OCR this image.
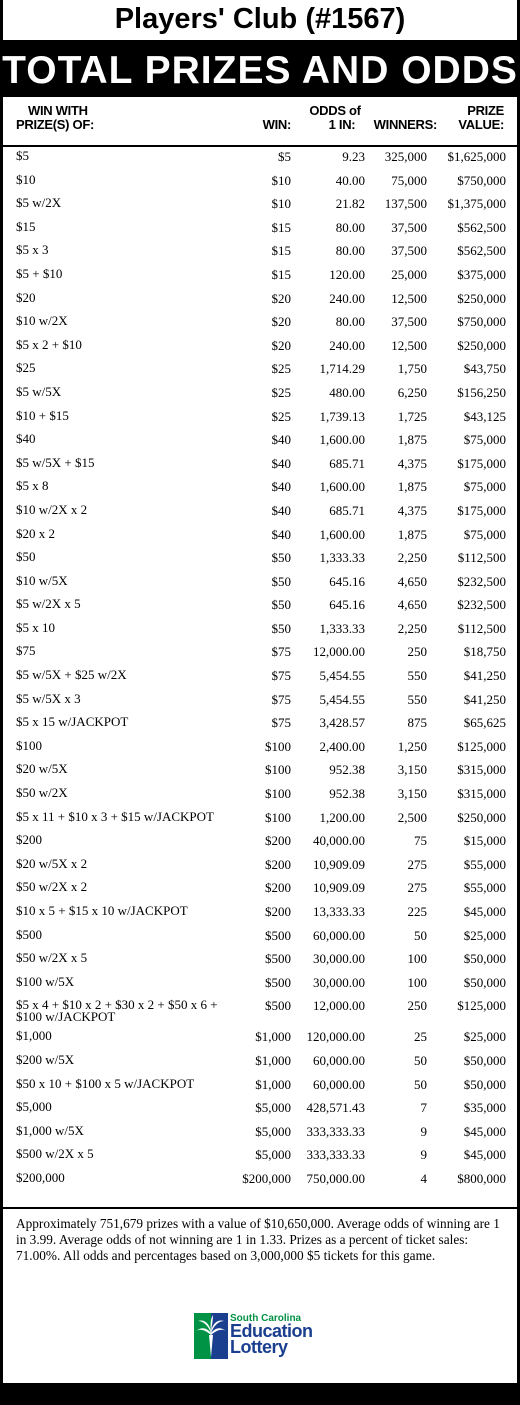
Players' Club (#1567)
TOTAL PRIZES AND ODDS
WIN WITH
PRIZE(S) OF:	WIN:
ODDS of
1 IN:	WINNERS:
PRIZE
VALUE:
$5	$5	9.23 325,000 $1,625,000
$10	$10	40.00 75,000 $750,000
$5 w/2X	$10	21.82 137,500 $1,375,000
$15	$15	80.00 37,500 $562,500
$5 x 3	$15	80.00 37,500 $562,500
$5 + $10	$15	120.00 25,000 $375,000
$20	$20	240.00 12,500 $250,000
$10 w/2X	$20	80.00 37,500 $750,000
$5 x 2 + $10	$20	240.00 12,500 $250,000
$25	$25 1,714.29	1,750	$43,750
$5 w/5X	$25	480.00	6,250 $156,250
$10 + $15	$25 1,739.13	1,725	$43,125
$40	$40 1,600.00	1,875	$75,000
$5 w/5X + $15	$40	685.71	4,375 $175,000
$5 x 8	$40 1,600.00	1,875	$75,000
$10 w/2X x 2	$40	685.71	4,375 $175,000
$20 x 2	$40 1,600.00	1,875	$75,000
$50	$50 1,333.33	2,250 $112,500
$10 w/5X	$50	645.16	4,650 $232,500
$5 w/2X x 5	$50	645.16	4,650 $232,500
$5 x 10	$50 1,333.33	2,250 $112,500
$75	$75 12,000.00	250	$18,750
$5 w/5X + $25 w/2X	$75 5,454.55	550	$41,250
$5 w/5X x 3	$75 5,454.55	550	$41,250
$5 x 15 w/JACKPOT	$75 3,428.57	875	$65,625
$100	$100 2,400.00	1,250 $125,000
$20 w/5X	$100	952.38	3,150 $315,000
$50 w/2X	$100	952.38	3,150 $315,000
$5 x 11 + $10 x 3 + $15 w/JACKPOT	$100 1,200.00	2,500 $250,000
$200	$200 40,000.00	75	$15,000
$20 w/5X x 2	$200 10,909.09	275	$55,000
$50 w/2X x 2	$200 10,909.09	275	$55,000
$10 x 5 + $15 x 10 w/JACKPOT	$200 13,333.33	225	$45,000
$500	$500 60,000.00	50	$25,000
$50 w/2X x 5	$500 30,000.00	100	$50,000
$100 w/5X	$500 30,000.00	100	$50,000
$5 x 4 + $10 x 2 + $30 x 2 + $50 x 6 + $100 w/JACKPOT
$500 12,000.00	250 $125,000
$1,000	$1,000 120,000.00	25	$25,000
$200 w/5X	$1,000 60,000.00	50	$50,000
$50 x 10 + $100 x 5 w/JACKPOT	$1,000 60,000.00	50	$50,000
$5,000	$5,000 428,571.43	7	$35,000
$1,000 w/5X	$5,000 333,333.33	9	$45,000
$500 w/2X x 5	$5,000 333,333.33	9	$45,000
$200,000	$200,000 750,000.00	4 $800,000
Approximately 751,679 prizes with a value of $10,650,000. Average odds of winning are 1 in 3.99. Average odds of not winning are 1 in 1.33. Prizes as a percent of ticket sales: 71.00%. All odds and percentages based on 3,000,000 $5 tickets for this game.
South Carolina
Education
Lottery
